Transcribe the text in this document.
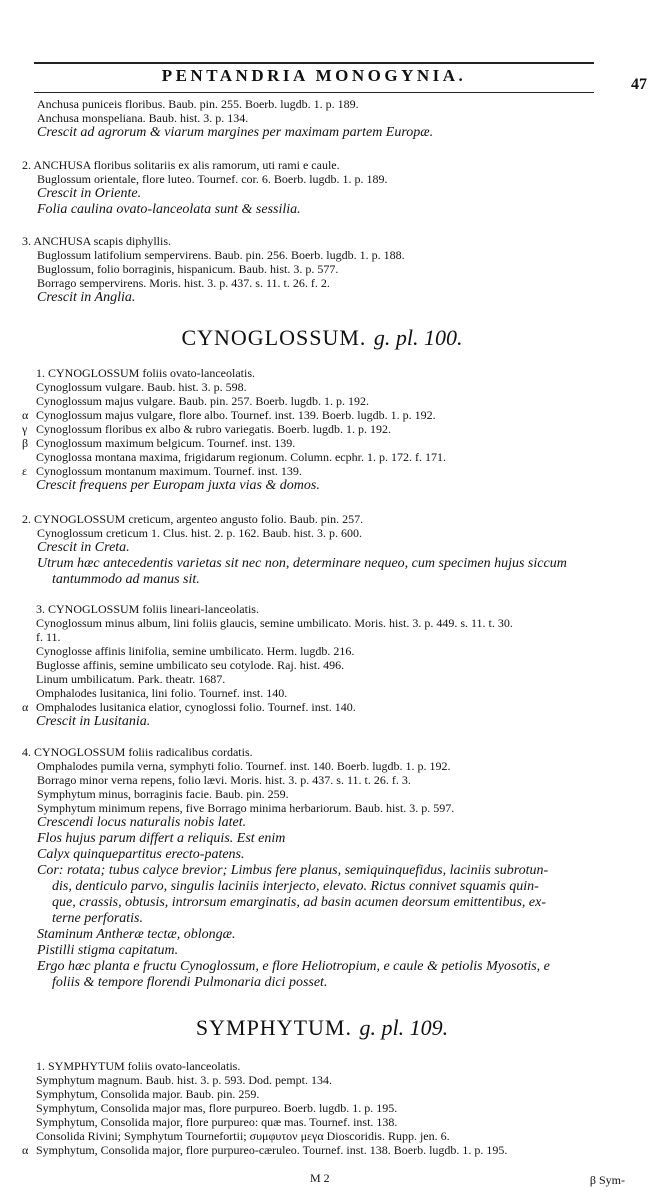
PENTANDRIA MONOGYNIA.	47
Anchusa puniceis floribus. Baub. pin. 255. Boerb. lugdb. 1. p. 189.
Anchusa monspeliana. Baub. hist. 3. p. 134.
Crescit ad agrorum & viarum margines per maximam partem Europæ.
2. ANCHUSA floribus solitariis ex alis ramorum, uti rami e caule.
Buglossum orientale, flore luteo. Tournef. cor. 6. Boerb. lugdb. 1. p. 189.
Crescit in Oriente.
Folia caulina ovato-lanceolata sunt & sessilia.
3. ANCHUSA scapis diphyllis.
Buglossum latifolium sempervirens. Baub. pin. 256. Boerb. lugdb. 1. p. 188.
Buglossum, folio borraginis, hispanicum. Baub. hist. 3. p. 577.
Borrago sempervirens. Moris. hist. 3. p. 437. s. 11. t. 26. f. 2.
Crescit in Anglia.
CYNOGLOSSUM. g. pl. 100.
1. CYNOGLOSSUM foliis ovato-lanceolatis.
Cynoglossum vulgare. Baub. hist. 3. p. 598.
Cynoglossum majus vulgare. Baub. pin. 257. Boerb. lugdb. 1. p. 192.
α Cynoglossum majus vulgare, flore albo. Tournef. inst. 139. Boerb. lugdb. 1. p. 192.
γ Cynoglossum floribus ex albo & rubro variegatis. Boerb. lugdb. 1. p. 192.
β Cynoglossum maximum belgicum. Tournef. inst. 139.
Cynoglossa montana maxima, frigidarum regionum. Column. ecphr. 1. p. 172. f. 171.
ε Cynoglossum montanum maximum. Tournef. inst. 139.
Crescit frequens per Europam juxta vias & domos.
2. CYNOGLOSSUM creticum, argenteo angusto folio. Baub. pin. 257.
Cynoglossum creticum 1. Clus. hist. 2. p. 162. Baub. hist. 3. p. 600.
Crescit in Creta.
Utrum hæc antecedentis varietas sit nec non, determinare nequeo, cum specimen hujus siccum
tantummodo ad manus sit.
3. CYNOGLOSSUM foliis lineari-lanceolatis.
Cynoglossum minus album, lini foliis glaucis, semine umbilicato. Moris. hist. 3. p. 449. s. 11. t. 30.
f. 11.
Cynoglosse affinis linifolia, semine umbilicato. Herm. lugdb. 216.
Buglosse affinis, semine umbilicato seu cotylode. Raj. hist. 496.
Linum umbilicatum. Park. theatr. 1687.
Omphalodes lusitanica, lini folio. Tournef. inst. 140.
α Omphalodes lusitanica elatior, cynoglossi folio. Tournef. inst. 140.
Crescit in Lusitania.
4. CYNOGLOSSUM foliis radicalibus cordatis.
Omphalodes pumila verna, symphyti folio. Tournef. inst. 140. Boerb. lugdb. 1. p. 192.
Borrago minor verna repens, folio lævi. Moris. hist. 3. p. 437. s. 11. t. 26. f. 3.
Symphytum minus, borraginis facie. Baub. pin. 259.
Symphytum minimum repens, five Borrago minima herbariorum. Baub. hist. 3. p. 597.
Crescendi locus naturalis nobis latet.
Flos hujus parum differt a reliquis. Est enim
Calyx quinquepartitus erecto-patens.
Cor: rotata; tubus calyce brevior; Limbus fere planus, semiquinquefidus, laciniis subrotun-
dis, denticulo parvo, singulis laciniis interjecto, elevato. Rictus connivet squamis quin-
que, crassis, obtusis, introrsum emarginatis, ad basin acumen deorsum emittentibus, ex-
terne perforatis.
Staminum Antheræ tectæ, oblongæ.
Pistilli stigma capitatum.
Ergo hæc planta e fructu Cynoglossum, e flore Heliotropium, e caule & petiolis Myosotis, e
foliis & tempore florendi Pulmonaria dici posset.
SYMPHYTUM. g. pl. 109.
1. SYMPHYTUM foliis ovato-lanceolatis.
Symphytum magnum. Baub. hist. 3. p. 593. Dod. pempt. 134.
Symphytum, Consolida major. Baub. pin. 259.
Symphytum, Consolida major mas, flore purpureo. Boerb. lugdb. 1. p. 195.
Symphytum, Consolida major, flore purpureo: quæ mas. Tournef. inst. 138.
Consolida Rivini; Symphytum Tournefortii; συμφυτον μεγα Dioscoridis. Rupp. jen. 6.
α Symphytum, Consolida major, flore purpureo-cæruleo. Tournef. inst. 138. Boerb. lugdb. 1. p. 195.
M 2	β Sym-
